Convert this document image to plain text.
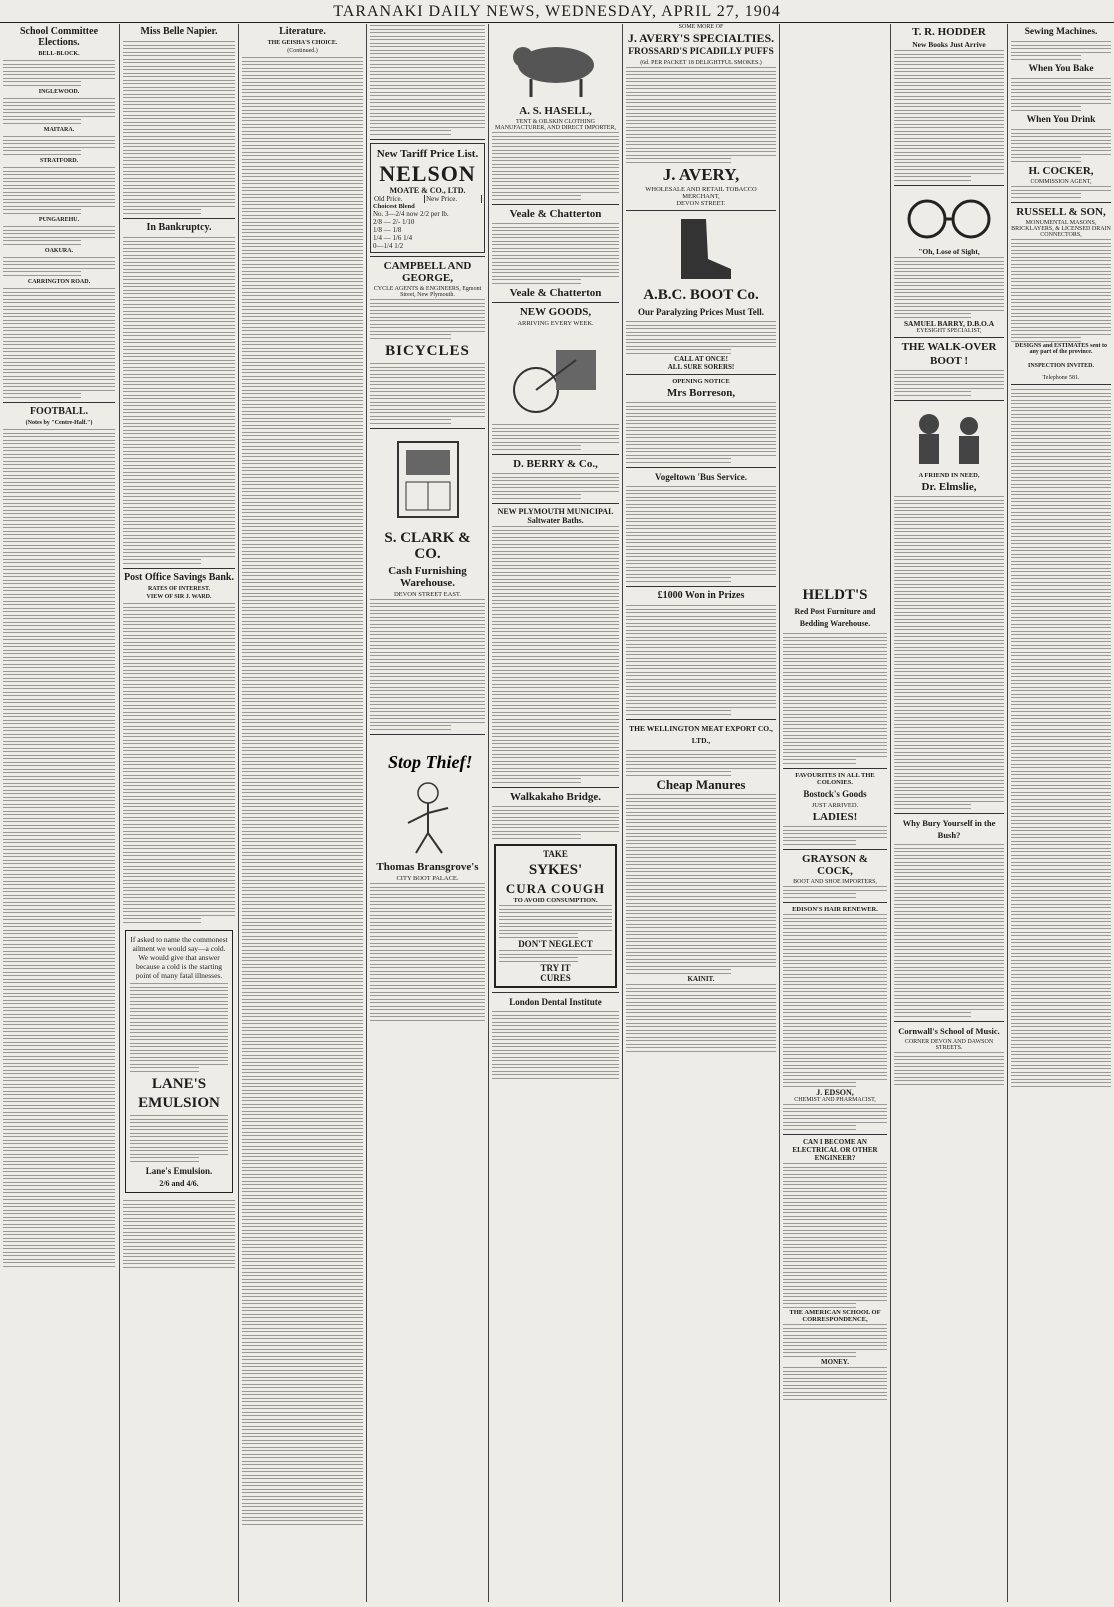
TARANAKI DAILY NEWS, WEDNESDAY, APRIL 27, 1904
School Committee Elections.
BELL-BLOCK.
INGLEWOOD.
MAITARA.
STRATFORD.
PUNGAREHU.
OAKURA.
CARRINGTON ROAD.
FOOTBALL.
(Notes by "Centre-Half.")
Miss Belle Napier.
In Bankruptcy.
Post Office Savings Bank.
RATES OF INTEREST.
VIEW OF SIR J. WARD.

If asked to name the commonest ailment we would say—a cold. We would give that answer because a cold is the starting point of many fatal illnesses.

LANE'S
EMULSION
Lane's Emulsion.
2/6 and 4/6.
Literature.
THE GEISHA'S CHOICE.
(Continued.)
New Tariff Price List.
NELSON
MOATE & CO., LTD.
Old Price.	New Price.
Choicest Blend
No. 3—2/4 now 2/2 per lb.
2/8 — 2/- 1/10
1/8 — 1/8
1/4 — 1/6 1/4
0—1/4 1/2
CAMPBELL AND GEORGE,
CYCLE AGENTS & ENGINEERS, Egmont Street, New Plymouth.
BICYCLES
S. CLARK & CO.
Cash Furnishing Warehouse.
DEVON STREET EAST.
Stop Thief!
Thomas Bransgrove's
CITY BOOT PALACE.
A. S. HASELL,
TENT & OILSKIN CLOTHING MANUFACTURER, AND DIRECT IMPORTER,
Veale & Chatterton
Veale & Chatterton
NEW GOODS,
ARRIVING EVERY WEEK.
D. BERRY & Co.,
NEW PLYMOUTH MUNICIPAL Saltwater Baths.
Walkakaho Bridge.
TAKE
SYKES'
CURA COUGH
TO AVOID CONSUMPTION.
DON'T NEGLECT
TRY IT
CURES
London Dental Institute
SOME MORE OF
J. AVERY'S SPECIALTIES.
FROSSARD'S PICADILLY PUFFS
(6d. PER PACKET 18 DELIGHTFUL SMOKES.)
J. AVERY,
WHOLESALE AND RETAIL TOBACCO MERCHANT,
DEVON STREET.
A.B.C. BOOT Co.
Our Paralyzing Prices Must Tell.
CALL AT ONCE!
ALL SURE SORERS!
OPENING NOTICE
Mrs Borreson,
Vogeltown 'Bus Service.
£1000 Won in Prizes
THE WELLINGTON MEAT EXPORT CO., LTD.,
Cheap Manures
KAINIT.
HELDT'S
Red Post Furniture and Bedding Warehouse.
FAVOURITES IN ALL THE COLONIES.
Bostock's Goods
JUST ARRIVED.
LADIES!
GRAYSON & COCK,
BOOT AND SHOE IMPORTERS,
EDISON'S HAIR RENEWER.
J. EDSON,
CHEMIST AND PHARMACIST,
CAN I BECOME AN ELECTRICAL OR OTHER ENGINEER?
THE AMERICAN SCHOOL OF CORRESPONDENCE,
MONEY.
T. R. HODDER
New Books Just Arrive
"Oh, Lose of Sight,
SAMUEL BARRY, D.B.O.A
EYESIGHT SPECIALIST,
THE WALK-OVER
BOOT !
A FRIEND IN NEED,
Dr. Elmslie,
Why Bury Yourself in the Bush?
Cornwall's School of Music.
CORNER DEVON AND DAWSON STREETS.
Sewing Machines.
When You Bake
When You Drink
H. COCKER,
COMMISSION AGENT,
RUSSELL & SON,
MONUMENTAL MASONS, BRICKLAYERS, & LICENSED DRAIN CONNECTORS,
DESIGNS and ESTIMATES sent to any part of the province.
INSPECTION INVITED.
Telephone 581.
